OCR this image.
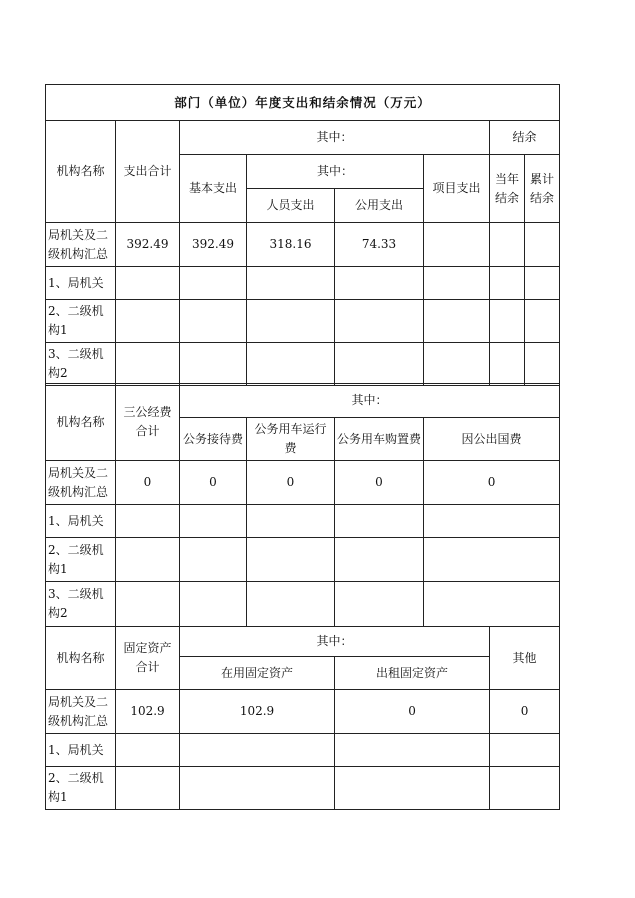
部门（单位）年度支出和结余情况（万元）							
机构名称	支出合计	其中：				结余	
		基本支出	其中：		项目支出	当年结余	累计结余
			人员支出	公用支出			
局机关及二级机构汇总	392.49	392.49	318.16	74.33			
1、局机关							
2、二级机构1							
3、二级机构2							
机构名称	三公经费合计	其中：			
		公务接待费	公务用车运行费	公务用车购置费	因公出国费
局机关及二级机构汇总	0	0	0	0	0
1、局机关					
2、二级机构1					
3、二级机构2					
机构名称	固定资产合计	其中：		其他
		在用固定资产	出租固定资产	
局机关及二级机构汇总	102.9	102.9	0	0
1、局机关				
2、二级机构1				
